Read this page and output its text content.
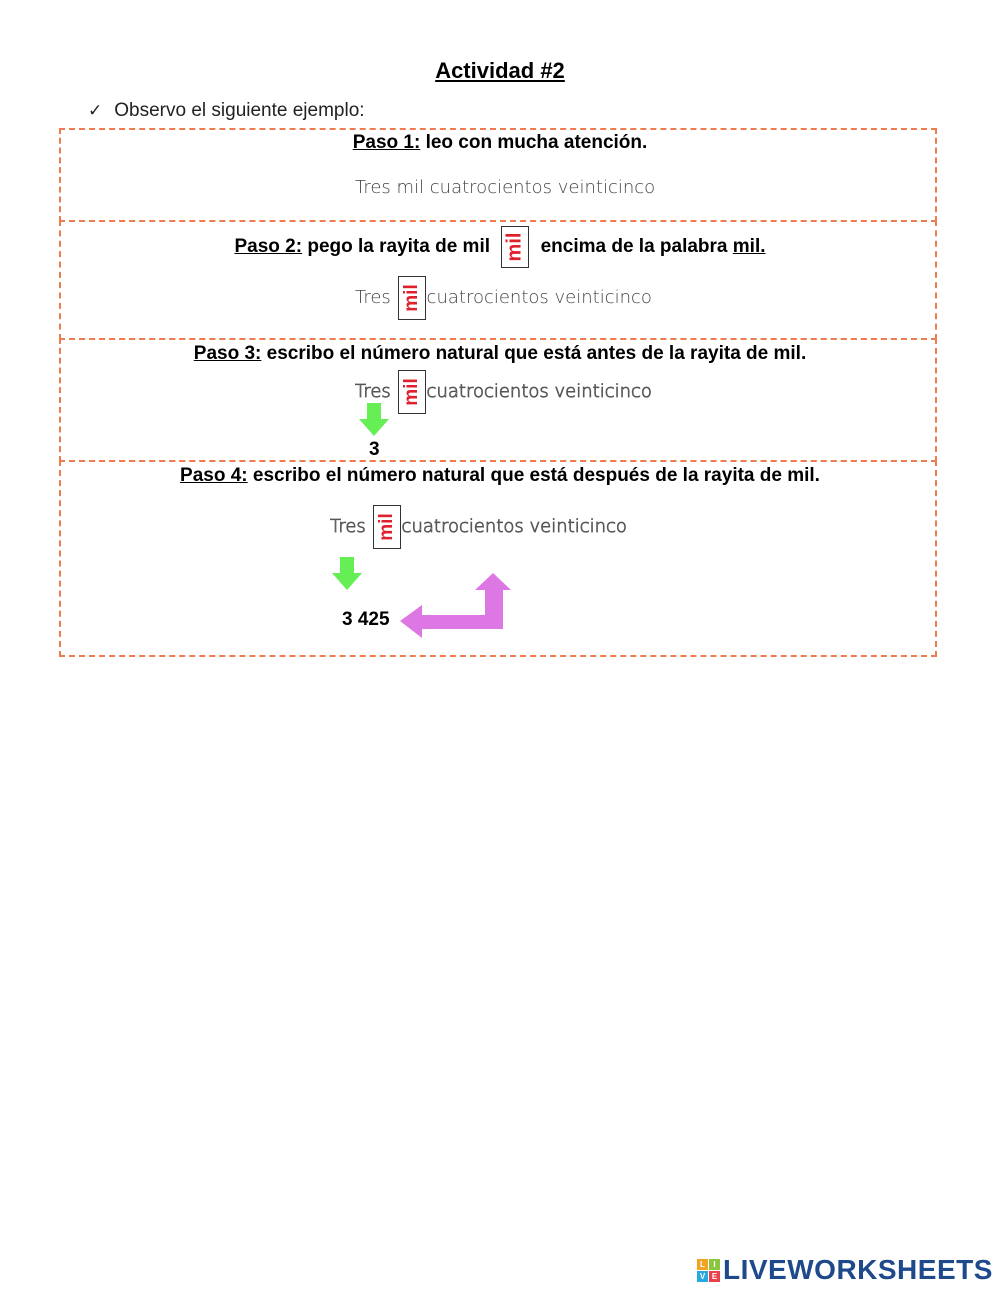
Actividad #2
✓ Observo el siguiente ejemplo:
Paso 1: leo con mucha atención.
Tres mil cuatrocientos veinticinco
Paso 2: pego la rayita de mil mil encima de la palabra mil.
Tres mil cuatrocientos veinticinco
Paso 3: escribo el número natural que está antes de la rayita de mil.
Tres mil cuatrocientos veinticinco
3
Paso 4: escribo el número natural que está después de la rayita de mil.
Tres mil cuatrocientos veinticinco
3 425
L	I
V E LIVEWORKSHEETS
